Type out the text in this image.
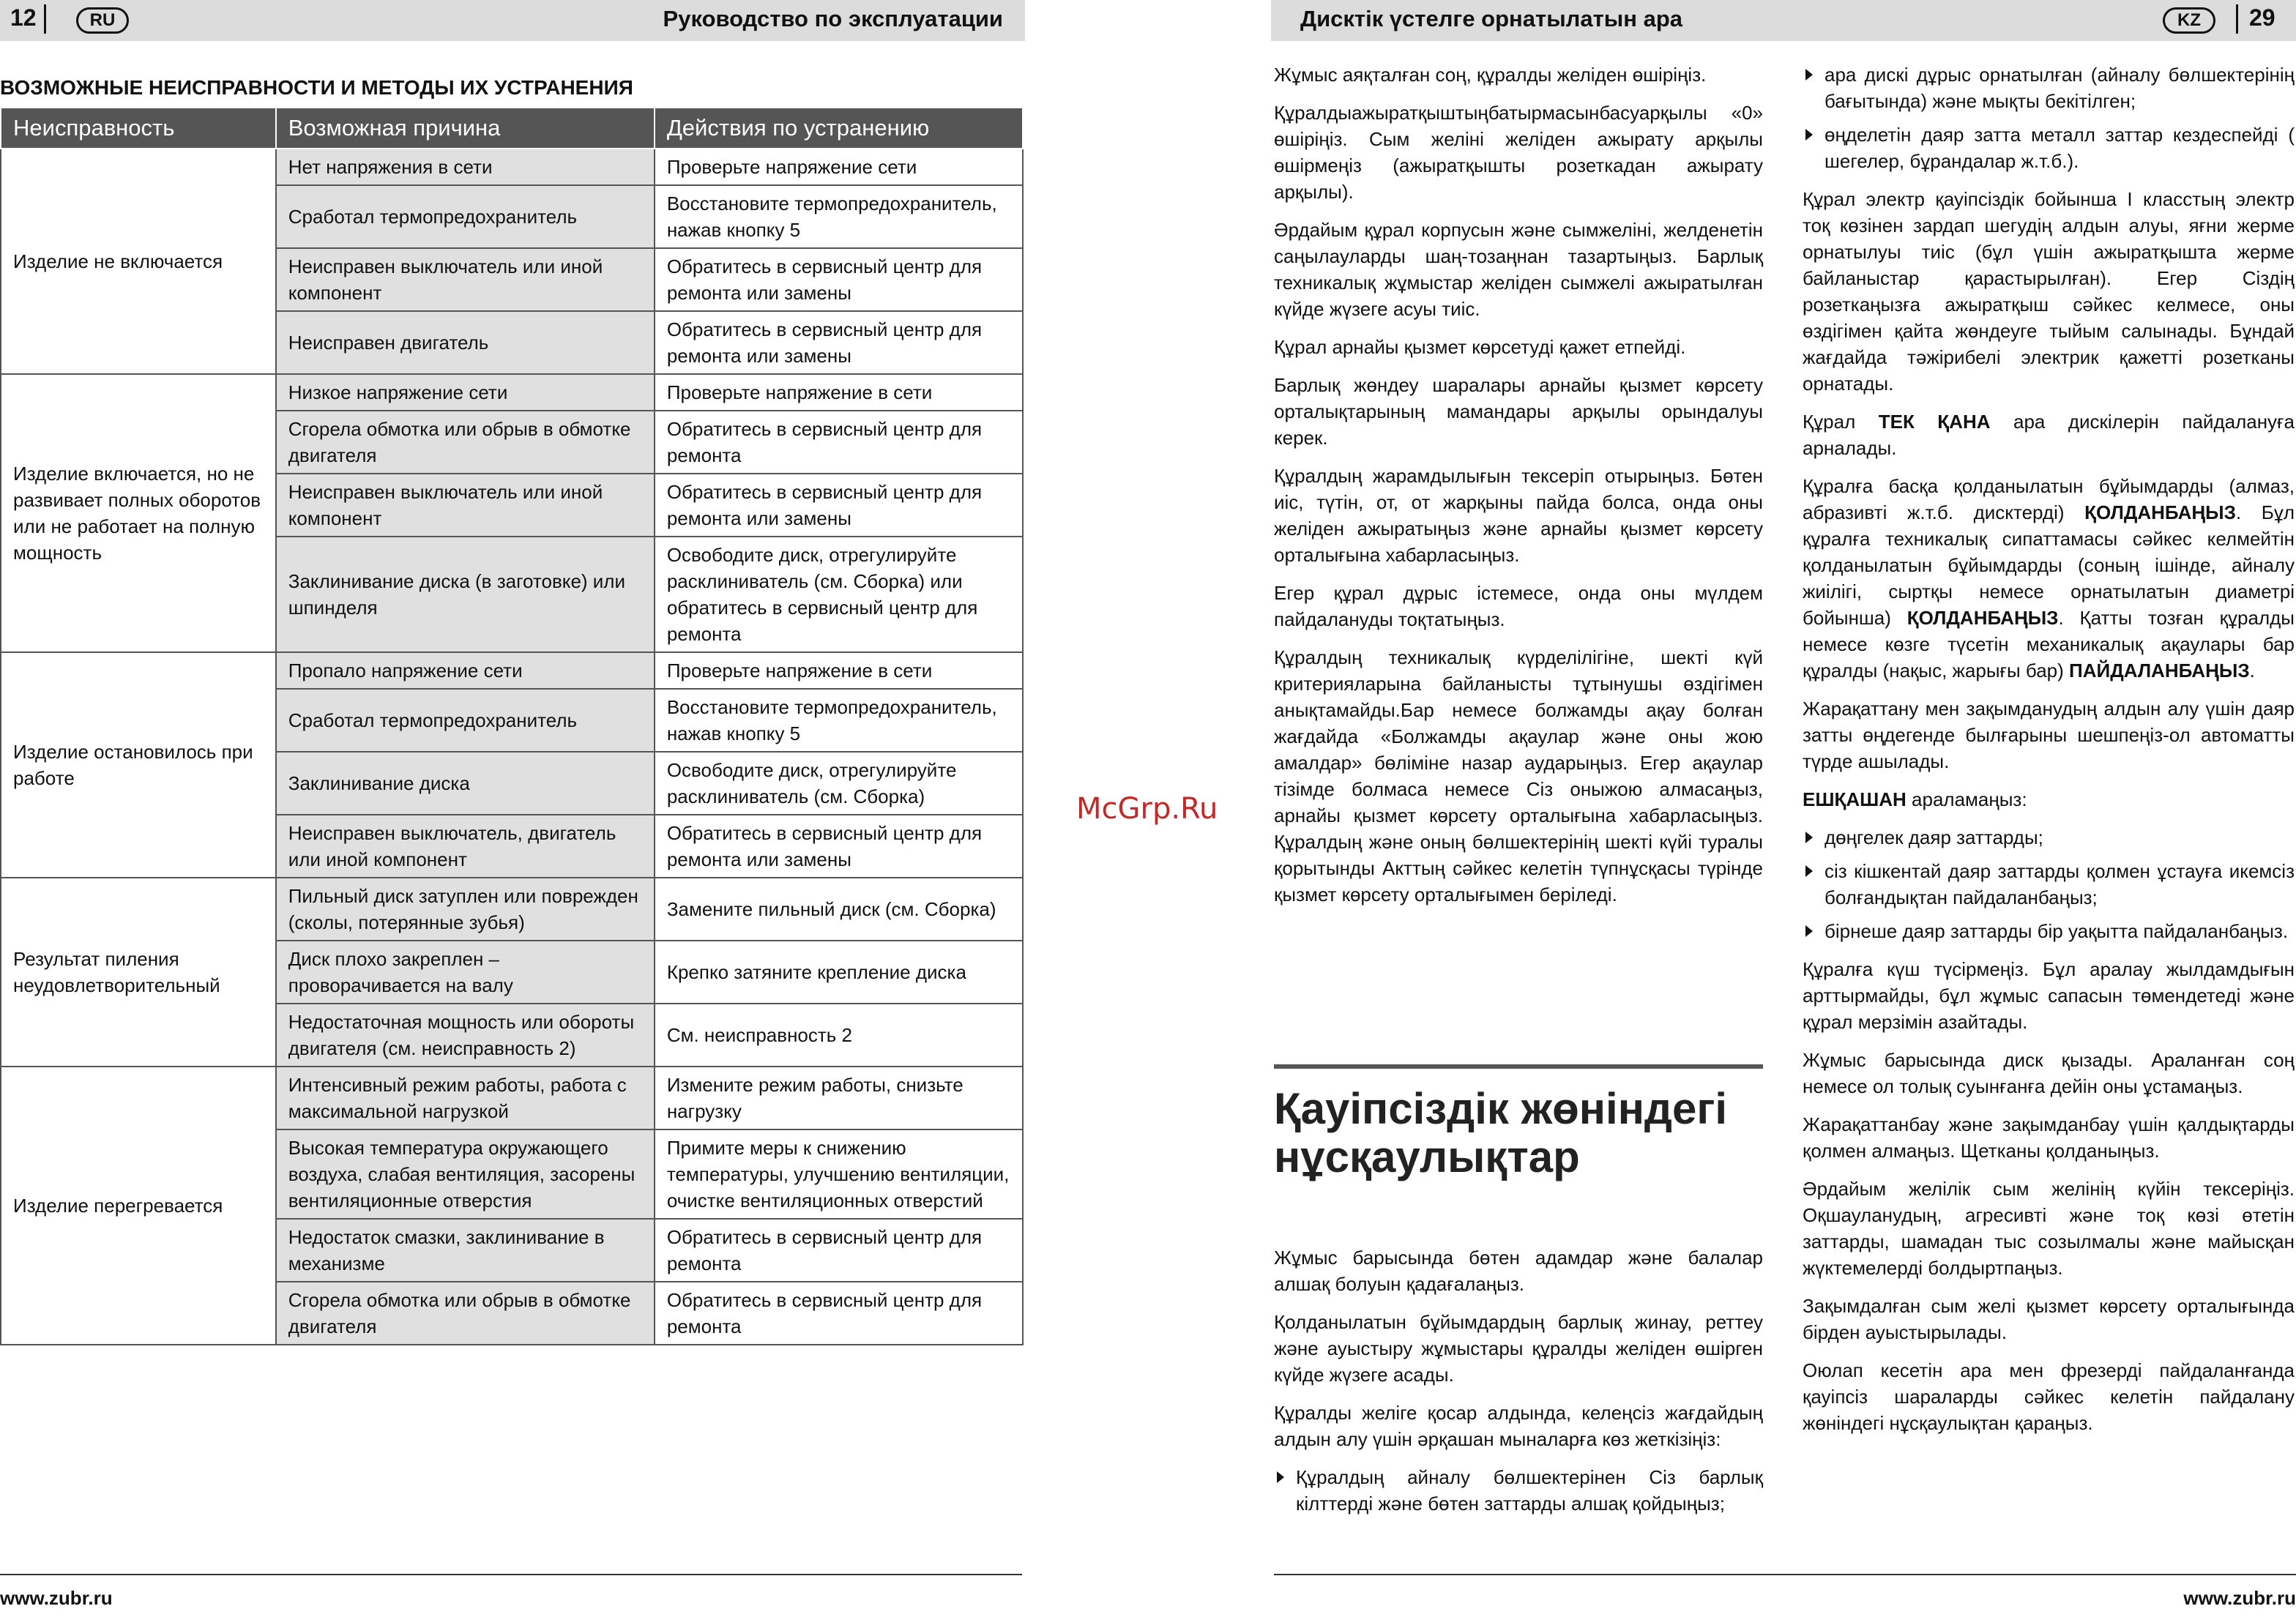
12	RU	Руководство по эксплуатации
ВОЗМОЖНЫЕ НЕИСПРАВНОСТИ И МЕТОДЫ ИХ УСТРАНЕНИЯ
Неисправность	Возможная причина	Действия по устранению
Изделие не включается	Нет напряжения в сети	Проверьте напряжение сети
	Сработал термопредохранитель	Восстановите термопредохранитель, нажав кнопку 5
	Неисправен выключатель или иной компонент	Обратитесь в сервисный центр для ремонта или замены
	Неисправен двигатель	Обратитесь в сервисный центр для ремонта или замены
Изделие включается, но не развивает полных оборотов или не работает на полную мощность	Низкое напряжение сети	Проверьте напряжение в сети
	Сгорела обмотка или обрыв в обмотке двигателя	Обратитесь в сервисный центр для ремонта
	Неисправен выключатель или иной компонент	Обратитесь в сервисный центр для ремонта или замены
	Заклинивание диска (в заготовке) или шпинделя	Освободите диск, отрегулируйте расклиниватель (см. Сборка) или обратитесь в сервисный центр для ремонта
Изделие остановилось при работе	Пропало напряжение сети	Проверьте напряжение в сети
	Сработал термопредохранитель	Восстановите термопредохранитель, нажав кнопку 5
	Заклинивание диска	Освободите диск, отрегулируйте расклиниватель (см. Сборка)
	Неисправен выключатель, двигатель или иной компонент	Обратитесь в сервисный центр для ремонта или замены
Результат пиления неудовлетворительный	Пильный диск затуплен или поврежден (сколы, потерянные зубья)	Замените пильный диск (см. Сборка)
	Диск плохо закреплен – проворачивается на валу	Крепко затяните крепление диска
	Недостаточная мощность или обороты двигателя (см. неисправность 2)	См. неисправность 2
Изделие перегревается	Интенсивный режим работы, работа с максимальной нагрузкой	Измените режим работы, снизьте нагрузку
	Высокая температура окружающего воздуха, слабая вентиляция, засорены вентиляционные отверстия	Примите меры к снижению температуры, улучшению вентиляции, очистке вентиляционных отверстий
	Недостаток смазки, заклинивание в механизме	Обратитесь в сервисный центр для ремонта
	Сгорела обмотка или обрыв в обмотке двигателя	Обратитесь в сервисный центр для ремонта
www.zubr.ru
McGrp.Ru
Дисктік үстелге орнатылатын ара	KZ	29

Жұмыс аяқталған соң, құралды желіден өшіріңіз.

Құралдыажыратқыштыңбатырмасынбасуарқылы «0» өшіріңіз. Сым желіні желіден ажырату арқылы өшірмеңіз (ажыратқышты розеткадан ажырату арқылы).

Әрдайым құрал корпусын және сымжеліні, желденетін саңылауларды шаң-тозаңнан тазартыңыз. Барлық техникалық жұмыстар желіден сымжелі ажыратылған күйде жүзеге асуы тиіс.

Құрал арнайы қызмет көрсетуді қажет етпейді.

Барлық жөндеу шаралары арнайы қызмет көрсету орталықтарының мамандары арқылы орындалуы керек.

Құралдың жарамдылығын тексеріп отырыңыз. Бөтен иіс, түтін, от, от жарқыны пайда болса, онда оны желіден ажыратыңыз және арнайы қызмет көрсету орталығына хабарласыңыз.

Егер құрал дұрыс істемесе, онда оны мүлдем пайдалануды тоқтатыңыз.

Құралдың техникалық күрделілігіне, шекті күй критерияларына байланысты тұтынушы өздігімен анықтамайды.Бар немесе болжамды ақау болған жағдайда «Болжамды ақаулар және оны жою амалдар» бөліміне назар аударыңыз. Егер ақаулар тізімде болмаса немесе Сіз оныжою алмасаңыз, арнайы қызмет көрсету орталығына хабарласыңыз. Құралдың және оның бөлшектерінің шекті күйі туралы қорытынды Акттың сәйкес келетін түпнұсқасы түрінде қызмет көрсету орталығымен беріледі.

Қауіпсіздік жөніндегі нұсқаулықтар

Жұмыс барысында бөтен адамдар және балалар алшақ болуын қадағалаңыз.

Қолданылатын бұйымдардың барлық жинау, реттеу және ауыстыру жұмыстары құралды желіден өшірген күйде жүзеге асады.

Құралды желіге қосар алдында, келеңсіз жағдайдың алдын алу үшін әрқашан мыналарға көз жеткізіңіз:

Құралдың айналу бөлшектерінен Сіз барлық кілттерді және бөтен заттарды алшақ қойдыңыз;
ара дискі дұрыс орнатылған (айналу бөлшектерінің бағытында) және мықты бекітілген;
өңделетін даяр затта металл заттар кездеспейді ( шегелер, бұрандалар ж.т.б.).

Құрал электр қауіпсіздік бойынша I класстың электр тоқ көзінен зардап шегудің алдын алуы, яғни жерме орнатылуы тиіс (бұл үшін ажыратқышта жерме байланыстар қарастырылған). Егер Сіздің розеткаңызға ажыратқыш сәйкес келмесе, оны өздігімен қайта жөндеуге тыйым салынады. Бұндай жағдайда тәжірибелі электрик қажетті розетканы орнатады.

Құрал ТЕК ҚАНА ара дискілерін пайдалануға арналады.

Құралға басқа қолданылатын бұйымдарды (алмаз, абразивті ж.т.б. дисктерді) ҚОЛДАНБАҢЫЗ. Бұл құралға техникалық сипаттамасы сәйкес келмейтін қолданылатын бұйымдарды (соның ішінде, айналу жиілігі, сыртқы немесе орнатылатын диаметрі бойынша) ҚОЛДАНБАҢЫЗ. Қатты тозған құралды немесе көзге түсетін механикалық ақаулары бар құралды (нақыс, жарығы бар) ПАЙДАЛАНБАҢЫЗ.

Жарақаттану мен зақымданудың алдын алу үшін даяр затты өңдегенде былғарыны шешпеңіз-ол автоматты түрде ашылады.

ЕШҚАШАН араламаңыз:

дөңгелек даяр заттарды;
сіз кішкентай даяр заттарды қолмен ұстауға икемсіз болғандықтан пайдаланбаңыз;
бірнеше даяр заттарды бір уақытта пайдаланбаңыз.

Құралға күш түсірмеңіз. Бұл аралау жылдамдығын арттырмайды, бұл жұмыс сапасын төмендетеді және құрал мерзімін азайтады.

Жұмыс барысында диск қызады. Араланған соң немесе ол толық суынғанға дейін оны ұстамаңыз.

Жарақаттанбау және зақымданбау үшін қалдықтарды қолмен алмаңыз. Щетканы қолданыңыз.

Әрдайым желілік сым желінің күйін тексеріңіз. Оқшауланудың, агресивті және тоқ көзі өтетін заттарды, шамадан тыс созылмалы және майысқан жүктемелерді болдыртпаңыз.

Зақымдалған сым желі қызмет көрсету орталығында бірден ауыстырылады.

Оюлап кесетін ара мен фрезерді пайдаланғанда қауіпсіз шараларды сәйкес келетін пайдалану жөніндегі нұсқаулықтан қараңыз.

www.zubr.ru
